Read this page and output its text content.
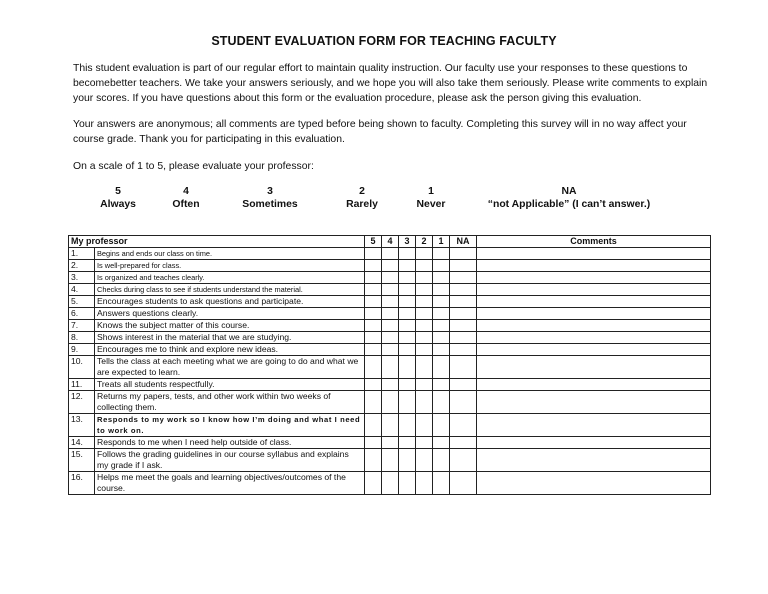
STUDENT EVALUATION FORM FOR TEACHING FACULTY
This student evaluation is part of our regular effort to maintain quality instruction. Our faculty use your responses to these questions to becomebetter teachers. We take your answers seriously, and we hope you will also take them seriously. Please write comments to explain your scores. If you have questions about this form or the evaluation procedure, please ask the person giving this evaluation.
Your answers are anonymous; all comments are typed before being shown to faculty. Completing this survey will in no way affect your course grade. Thank you for participating in this evaluation.
On a scale of 1 to 5, please evaluate your professor:
5
Always
4
Often
3
Sometimes
2
Rarely
1
Never
NA
“not Applicable” (I can’t answer.)
My professor		5	4	3	2	1	NA	Comments
1.	Begins and ends our class on time.							
2.	Is well-prepared for class.							
3.	Is organized and teaches clearly.							
4.	Checks during class to see if students understand the material.							
5.	Encourages students to ask questions and participate.							
6.	Answers questions clearly.							
7.	Knows the subject matter of this course.							
8.	Shows interest in the material that we are studying.							
9.	Encourages me to think and explore new ideas.							
10.	Tells the class at each meeting what we are going to do and what we are expected to learn.							
11.	Treats all students respectfully.							
12.	Returns my papers, tests, and other work within two weeks of collecting them.							
13.	Responds to my work so I know how I’m doing and what I need to work on.							
14.	Responds to me when I need help outside of class.							
15.	Follows the grading guidelines in our course syllabus and explains my grade if I ask.							
16.	Helps me meet the goals and learning objectives/outcomes of the course.							
